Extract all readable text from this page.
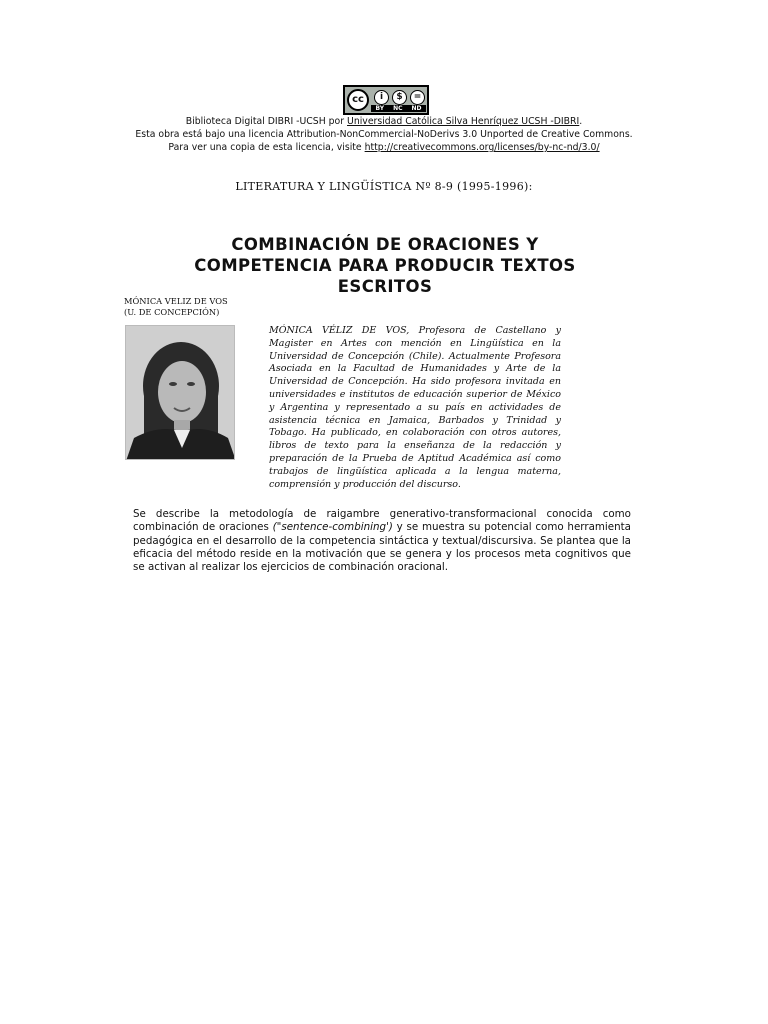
cc	i	$	=
BY NC ND
Biblioteca Digital DIBRI -UCSH por Universidad Católica Silva Henríquez UCSH -DIBRI.
Esta obra está bajo una licencia Attribution-NonCommercial-NoDerivs 3.0 Unported de Creative Commons.
Para ver una copia de esta licencia, visite http://creativecommons.org/licenses/by-nc-nd/3.0/
LITERATURA Y LINGÜÍSTICA Nº 8-9 (1995-1996):
COMBINACIÓN DE ORACIONES Y
COMPETENCIA PARA PRODUCIR TEXTOS
ESCRITOS
MÓNICA VELIZ DE VOS
(U. DE CONCEPCIÓN)
MÓNICA VÉLIZ DE VOS, Profesora de Castellano y Magister en Artes con mención en Lingüística en la Universidad de Concepción (Chile). Actualmente Profesora Asociada en la Facultad de Humanidades y Arte de la Universidad de Concepción. Ha sido profesora invitada en universidades e institutos de educación superior de México y Argentina y representado a su país en actividades de asistencia técnica en Jamaica, Barbados y Trinidad y Tobago. Ha publicado, en colaboración con otros autores, libros de texto para la enseñanza de la redacción y preparación de la Prueba de Aptitud Académica así como trabajos de lingüística aplicada a la lengua materna, comprensión y producción del discurso.
Se describe la metodología de raigambre generativo-transformacional conocida como combinación de oraciones ("sentence-combining') y se muestra su potencial como herramienta pedagógica en el desarrollo de la competencia sintáctica y textual/discursiva. Se plantea que la eficacia del método reside en la motivación que se genera y los procesos meta cognitivos que se activan al realizar los ejercicios de combinación oracional.
